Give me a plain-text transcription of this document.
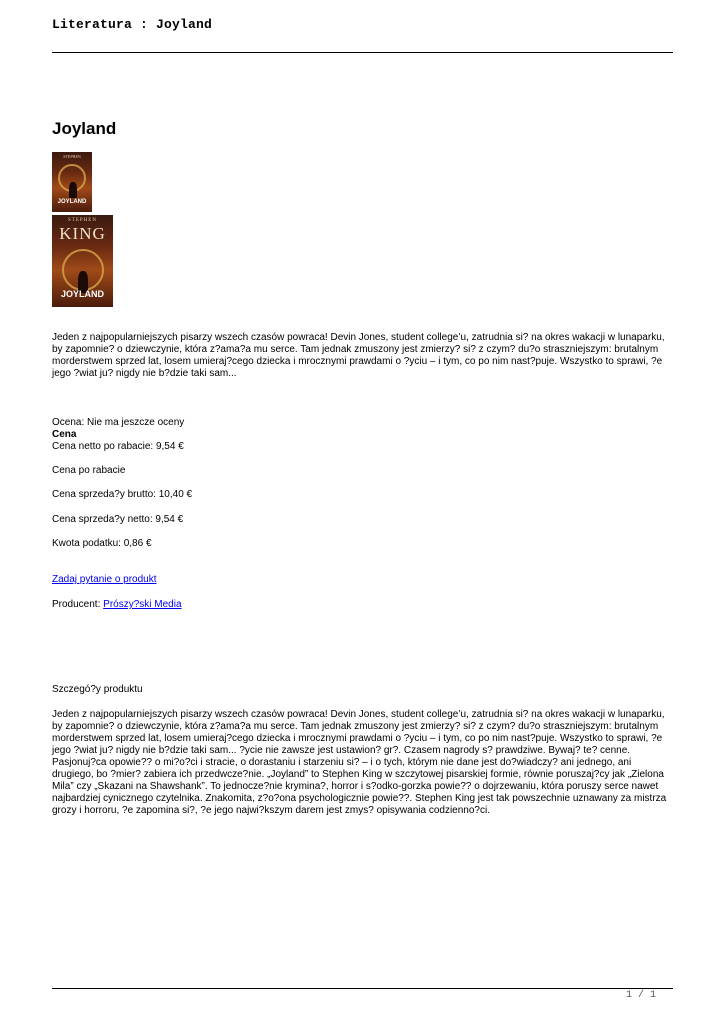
Literatura : Joyland
Joyland
STEPHEN
JOYLAND
STEPHEN
KING
JOYLAND
Jeden z najpopularniejszych pisarzy wszech czasów powraca! Devin Jones, student college’u, zatrudnia si? na okres wakacji w lunaparku, by zapomnie? o dziewczynie, która z?ama?a mu serce. Tam jednak zmuszony jest zmierzy? si? z czym? du?o straszniejszym: brutalnym morderstwem sprzed lat, losem umieraj?cego dziecka i mrocznymi prawdami o ?yciu – i tym, co po nim nast?puje. Wszystko to sprawi, ?e jego ?wiat ju? nigdy nie b?dzie taki sam...
Ocena: Nie ma jeszcze oceny
Cena
Cena netto po rabacie: 9,54 €
Cena po rabacie
Cena sprzeda?y brutto: 10,40 €
Cena sprzeda?y netto: 9,54 €
Kwota podatku: 0,86 €
Zadaj pytanie o produkt
Producent: Prószy?ski Media
Szczegó?y produktu
Jeden z najpopularniejszych pisarzy wszech czasów powraca! Devin Jones, student college’u, zatrudnia si? na okres wakacji w lunaparku, by zapomnie? o dziewczynie, która z?ama?a mu serce. Tam jednak zmuszony jest zmierzy? si? z czym? du?o straszniejszym: brutalnym morderstwem sprzed lat, losem umieraj?cego dziecka i mrocznymi prawdami o ?yciu – i tym, co po nim nast?puje. Wszystko to sprawi, ?e jego ?wiat ju? nigdy nie b?dzie taki sam... ?ycie nie zawsze jest ustawion? gr?. Czasem nagrody s? prawdziwe. Bywaj? te? cenne. Pasjonuj?ca opowie?? o mi?o?ci i stracie, o dorastaniu i starzeniu si? – i o tych, którym nie dane jest do?wiadczy? ani jednego, ani drugiego, bo ?mier? zabiera ich przedwcze?nie. „Joyland” to Stephen King w szczytowej pisarskiej formie, równie poruszaj?cy jak „Zielona Mila” czy „Skazani na Shawshank”. To jednocze?nie krymina?, horror i s?odko-gorzka powie?? o dojrzewaniu, która poruszy serce nawet najbardziej cynicznego czytelnika. Znakomita, z?o?ona psychologicznie powie??. Stephen King jest tak powszechnie uznawany za mistrza grozy i horroru, ?e zapomina si?, ?e jego najwi?kszym darem jest zmys? opisywania codzienno?ci.
1 / 1
